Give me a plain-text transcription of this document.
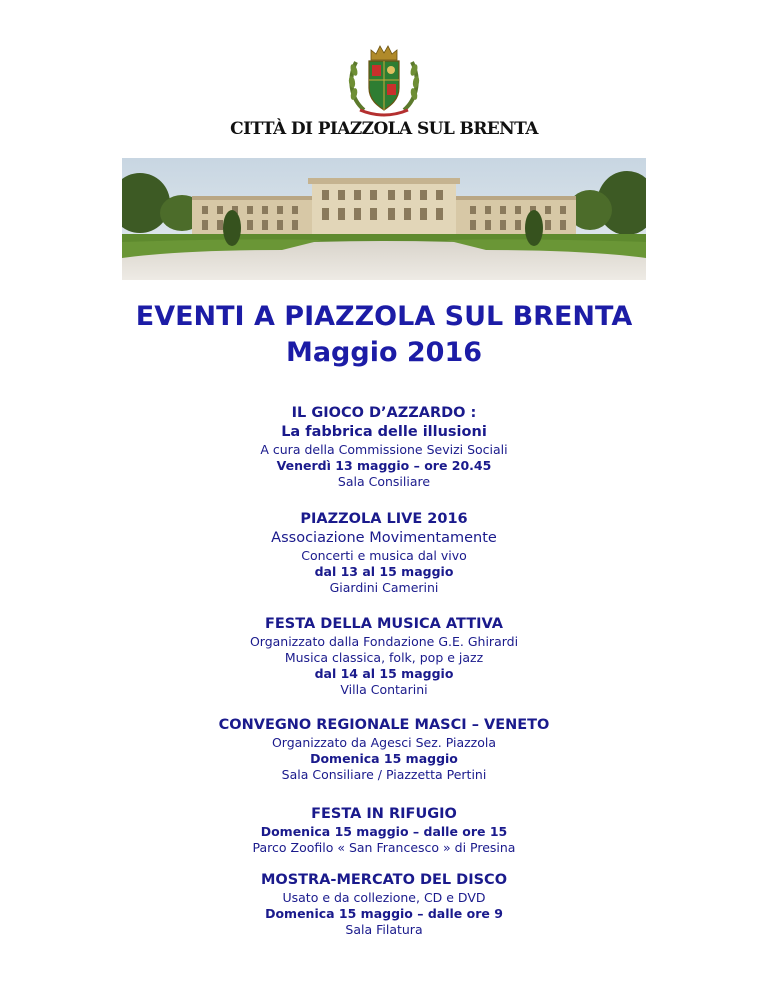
CITTÀ DI PIAZZOLA SUL BRENTA
EVENTI A PIAZZOLA SUL BRENTA
Maggio 2016
IL GIOCO D’AZZARDO :
La fabbrica delle illusioni
A cura della Commissione Sevizi Sociali
Venerdì 13 maggio – ore 20.45
Sala Consiliare
PIAZZOLA LIVE 2016
Associazione Movimentamente
Concerti e musica dal vivo
dal 13 al 15 maggio
Giardini Camerini
FESTA DELLA MUSICA ATTIVA
Organizzato dalla Fondazione G.E. Ghirardi
Musica classica, folk, pop e jazz
dal 14 al 15 maggio
Villa Contarini
CONVEGNO REGIONALE MASCI – VENETO
Organizzato da Agesci Sez. Piazzola
Domenica 15 maggio
Sala Consiliare / Piazzetta Pertini
FESTA IN RIFUGIO
Domenica 15 maggio – dalle ore 15
Parco Zoofilo « San Francesco » di Presina
MOSTRA-MERCATO DEL DISCO
Usato e da collezione, CD e DVD
Domenica 15 maggio – dalle ore 9
Sala Filatura
